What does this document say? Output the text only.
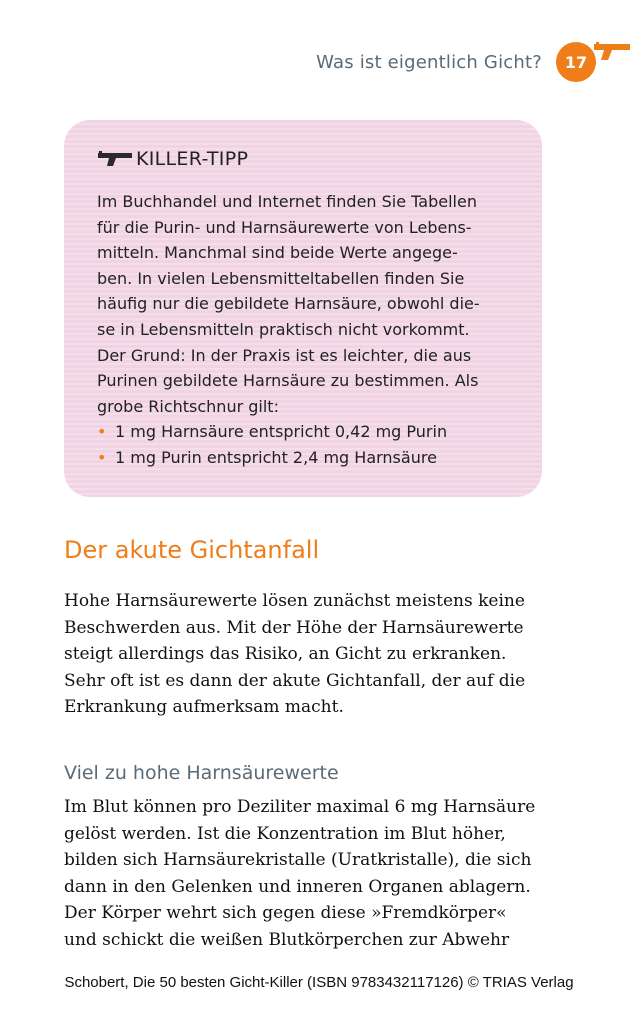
Was ist eigentlich Gicht?	17
KILLER-TIPP
Im Buchhandel und Internet finden Sie Tabellen
für die Purin- und Harnsäurewerte von Lebens-
mitteln. Manchmal sind beide Werte angege-
ben. In vielen Lebensmitteltabellen finden Sie
häufig nur die gebildete Harnsäure, obwohl die-
se in Lebensmitteln praktisch nicht vorkommt.
Der Grund: In der Praxis ist es leichter, die aus
Purinen gebildete Harnsäure zu bestimmen. Als
grobe Richtschnur gilt:
• 1 mg Harnsäure entspricht 0,42 mg Purin
• 1 mg Purin entspricht 2,4 mg Harnsäure
Der akute Gichtanfall
Hohe Harnsäurewerte lösen zunächst meistens keine
Beschwerden aus. Mit der Höhe der Harnsäurewerte
steigt allerdings das Risiko, an Gicht zu erkranken.
Sehr oft ist es dann der akute Gichtanfall, der auf die
Erkrankung aufmerksam macht.
Viel zu hohe Harnsäurewerte
Im Blut können pro Deziliter maximal 6 mg Harnsäure
gelöst werden. Ist die Konzentration im Blut höher,
bilden sich Harnsäurekristalle (Uratkristalle), die sich
dann in den Gelenken und inneren Organen ablagern.
Der Körper wehrt sich gegen diese »Fremdkörper«
und schickt die weißen Blutkörperchen zur Abwehr
Schobert, Die 50 besten Gicht-Killer (ISBN 9783432117126) © TRIAS Verlag
